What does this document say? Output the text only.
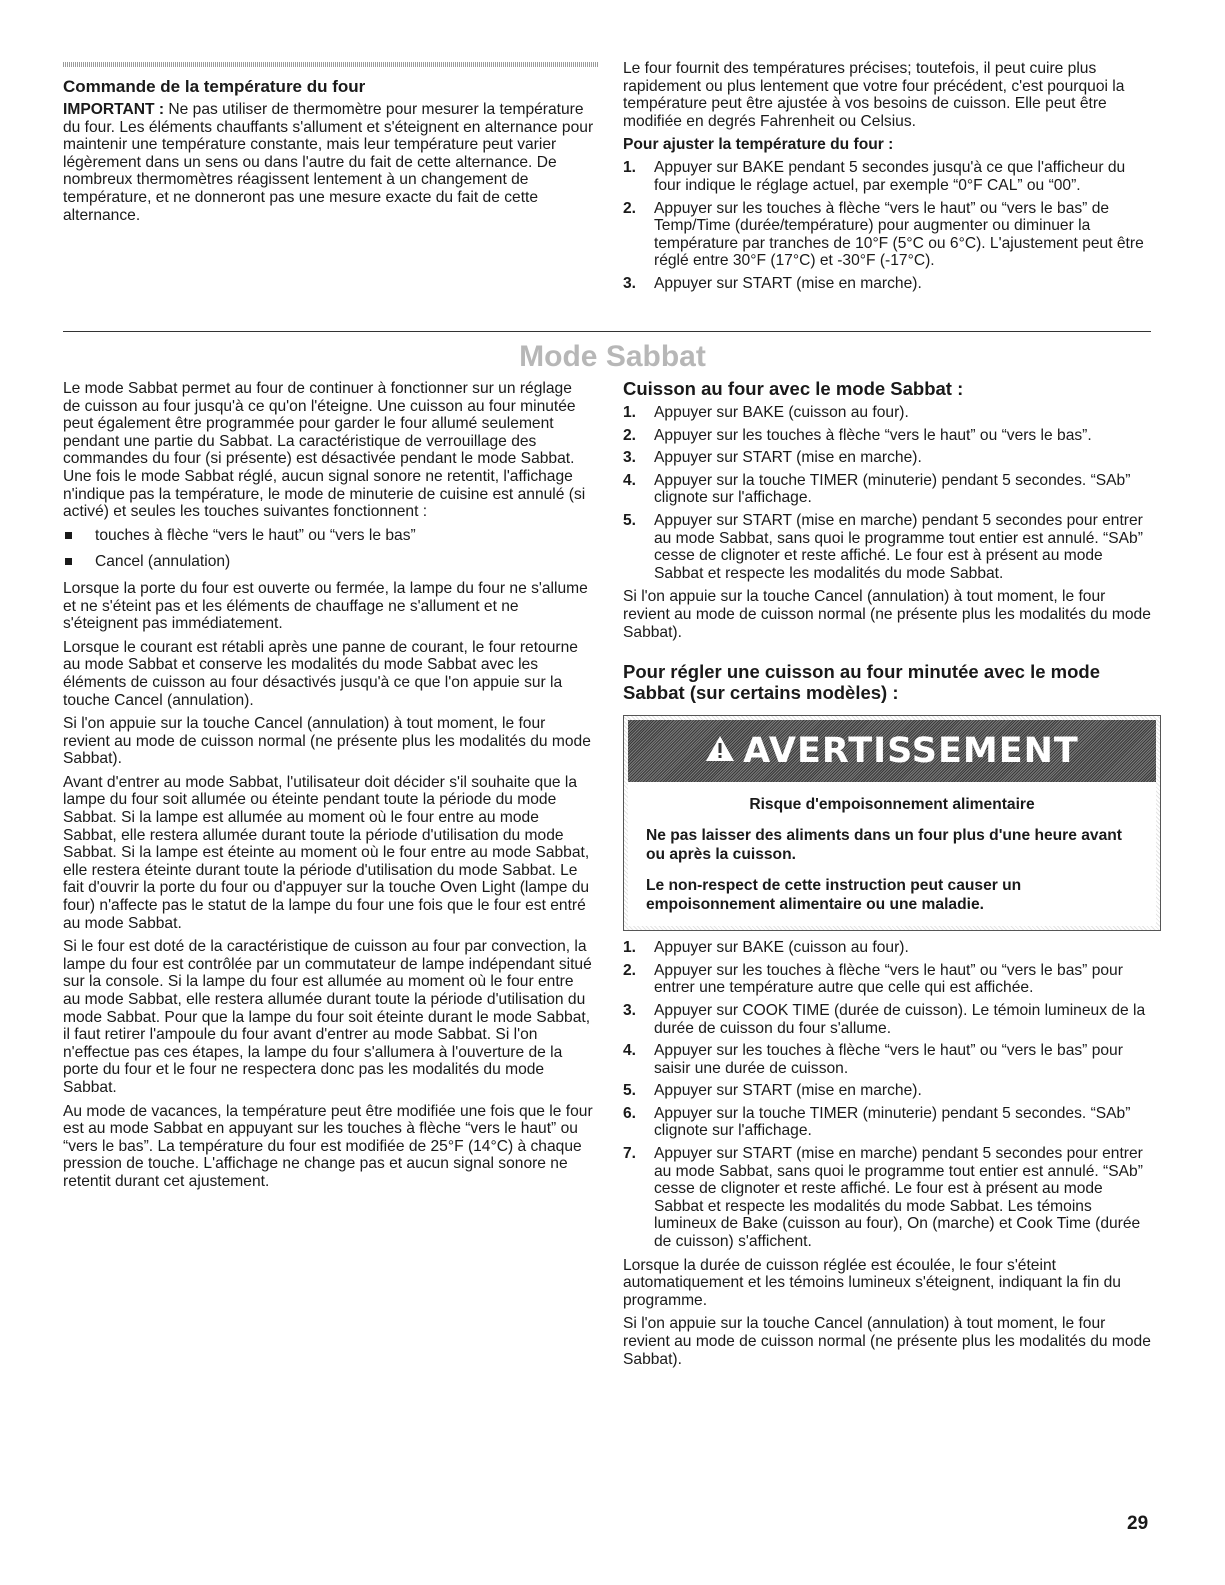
Commande de la température du four

IMPORTANT : Ne pas utiliser de thermomètre pour mesurer la température du four. Les éléments chauffants s'allument et s'éteignent en alternance pour maintenir une température constante, mais leur température peut varier légèrement dans un sens ou dans l'autre du fait de cette alternance. De nombreux thermomètres réagissent lentement à un changement de température, et ne donneront pas une mesure exacte du fait de cette alternance.

Le four fournit des températures précises; toutefois, il peut cuire plus rapidement ou plus lentement que votre four précédent, c'est pourquoi la température peut être ajustée à vos besoins de cuisson. Elle peut être modifiée en degrés Fahrenheit ou Celsius.

Pour ajuster la température du four :

1. Appuyer sur BAKE pendant 5 secondes jusqu'à ce que l'afficheur du four indique le réglage actuel, par exemple “0°F CAL” ou “00”.
2. Appuyer sur les touches à flèche “vers le haut” ou “vers le bas” de Temp/Time (durée/température) pour augmenter ou diminuer la température par tranches de 10°F (5°C ou 6°C). L'ajustement peut être réglé entre 30°F (17°C) et -30°F (-17°C).
3. Appuyer sur START (mise en marche).
Mode Sabbat

Le mode Sabbat permet au four de continuer à fonctionner sur un réglage de cuisson au four jusqu'à ce qu'on l'éteigne. Une cuisson au four minutée peut également être programmée pour garder le four allumé seulement pendant une partie du Sabbat. La caractéristique de verrouillage des commandes du four (si présente) est désactivée pendant le mode Sabbat. Une fois le mode Sabbat réglé, aucun signal sonore ne retentit, l'affichage n'indique pas la température, le mode de minuterie de cuisine est annulé (si activé) et seules les touches suivantes fonctionnent :

touches à flèche “vers le haut” ou “vers le bas”
Cancel (annulation)

Lorsque la porte du four est ouverte ou fermée, la lampe du four ne s'allume et ne s'éteint pas et les éléments de chauffage ne s'allument et ne s'éteignent pas immédiatement.

Lorsque le courant est rétabli après une panne de courant, le four retourne au mode Sabbat et conserve les modalités du mode Sabbat avec les éléments de cuisson au four désactivés jusqu'à ce que l'on appuie sur la touche Cancel (annulation).

Si l'on appuie sur la touche Cancel (annulation) à tout moment, le four revient au mode de cuisson normal (ne présente plus les modalités du mode Sabbat).

Avant d'entrer au mode Sabbat, l'utilisateur doit décider s'il souhaite que la lampe du four soit allumée ou éteinte pendant toute la période du mode Sabbat. Si la lampe est allumée au moment où le four entre au mode Sabbat, elle restera allumée durant toute la période d'utilisation du mode Sabbat. Si la lampe est éteinte au moment où le four entre au mode Sabbat, elle restera éteinte durant toute la période d'utilisation du mode Sabbat. Le fait d'ouvrir la porte du four ou d'appuyer sur la touche Oven Light (lampe du four) n'affecte pas le statut de la lampe du four une fois que le four est entré au mode Sabbat.

Si le four est doté de la caractéristique de cuisson au four par convection, la lampe du four est contrôlée par un commutateur de lampe indépendant situé sur la console. Si la lampe du four est allumée au moment où le four entre au mode Sabbat, elle restera allumée durant toute la période d'utilisation du mode Sabbat. Pour que la lampe du four soit éteinte durant le mode Sabbat, il faut retirer l'ampoule du four avant d'entrer au mode Sabbat. Si l'on n'effectue pas ces étapes, la lampe du four s'allumera à l'ouverture de la porte du four et le four ne respectera donc pas les modalités du mode Sabbat.

Au mode de vacances, la température peut être modifiée une fois que le four est au mode Sabbat en appuyant sur les touches à flèche “vers le haut” ou “vers le bas”. La température du four est modifiée de 25°F (14°C) à chaque pression de touche. L'affichage ne change pas et aucun signal sonore ne retentit durant cet ajustement.

Cuisson au four avec le mode Sabbat :
1. Appuyer sur BAKE (cuisson au four).
2. Appuyer sur les touches à flèche “vers le haut” ou “vers le bas”.
3. Appuyer sur START (mise en marche).
4. Appuyer sur la touche TIMER (minuterie) pendant 5 secondes. “SAb” clignote sur l'affichage.
5. Appuyer sur START (mise en marche) pendant 5 secondes pour entrer au mode Sabbat, sans quoi le programme tout entier est annulé. “SAb” cesse de clignoter et reste affiché. Le four est à présent au mode Sabbat et respecte les modalités du mode Sabbat.

Si l'on appuie sur la touche Cancel (annulation) à tout moment, le four revient au mode de cuisson normal (ne présente plus les modalités du mode Sabbat).

Pour régler une cuisson au four minutée avec le mode Sabbat (sur certains modèles) :
AVERTISSEMENT

Risque d'empoisonnement alimentaire

Ne pas laisser des aliments dans un four plus d'une heure avant ou après la cuisson.

Le non-respect de cette instruction peut causer un empoisonnement alimentaire ou une maladie.

1. Appuyer sur BAKE (cuisson au four).
2. Appuyer sur les touches à flèche “vers le haut” ou “vers le bas” pour entrer une température autre que celle qui est affichée.
3. Appuyer sur COOK TIME (durée de cuisson). Le témoin lumineux de la durée de cuisson du four s'allume.
4. Appuyer sur les touches à flèche “vers le haut” ou “vers le bas” pour saisir une durée de cuisson.
5. Appuyer sur START (mise en marche).
6. Appuyer sur la touche TIMER (minuterie) pendant 5 secondes. “SAb” clignote sur l'affichage.
7. Appuyer sur START (mise en marche) pendant 5 secondes pour entrer au mode Sabbat, sans quoi le programme tout entier est annulé. “SAb” cesse de clignoter et reste affiché. Le four est à présent au mode Sabbat et respecte les modalités du mode Sabbat. Les témoins lumineux de Bake (cuisson au four), On (marche) et Cook Time (durée de cuisson) s'affichent.

Lorsque la durée de cuisson réglée est écoulée, le four s'éteint automatiquement et les témoins lumineux s'éteignent, indiquant la fin du programme.

Si l'on appuie sur la touche Cancel (annulation) à tout moment, le four revient au mode de cuisson normal (ne présente plus les modalités du mode Sabbat).

29
